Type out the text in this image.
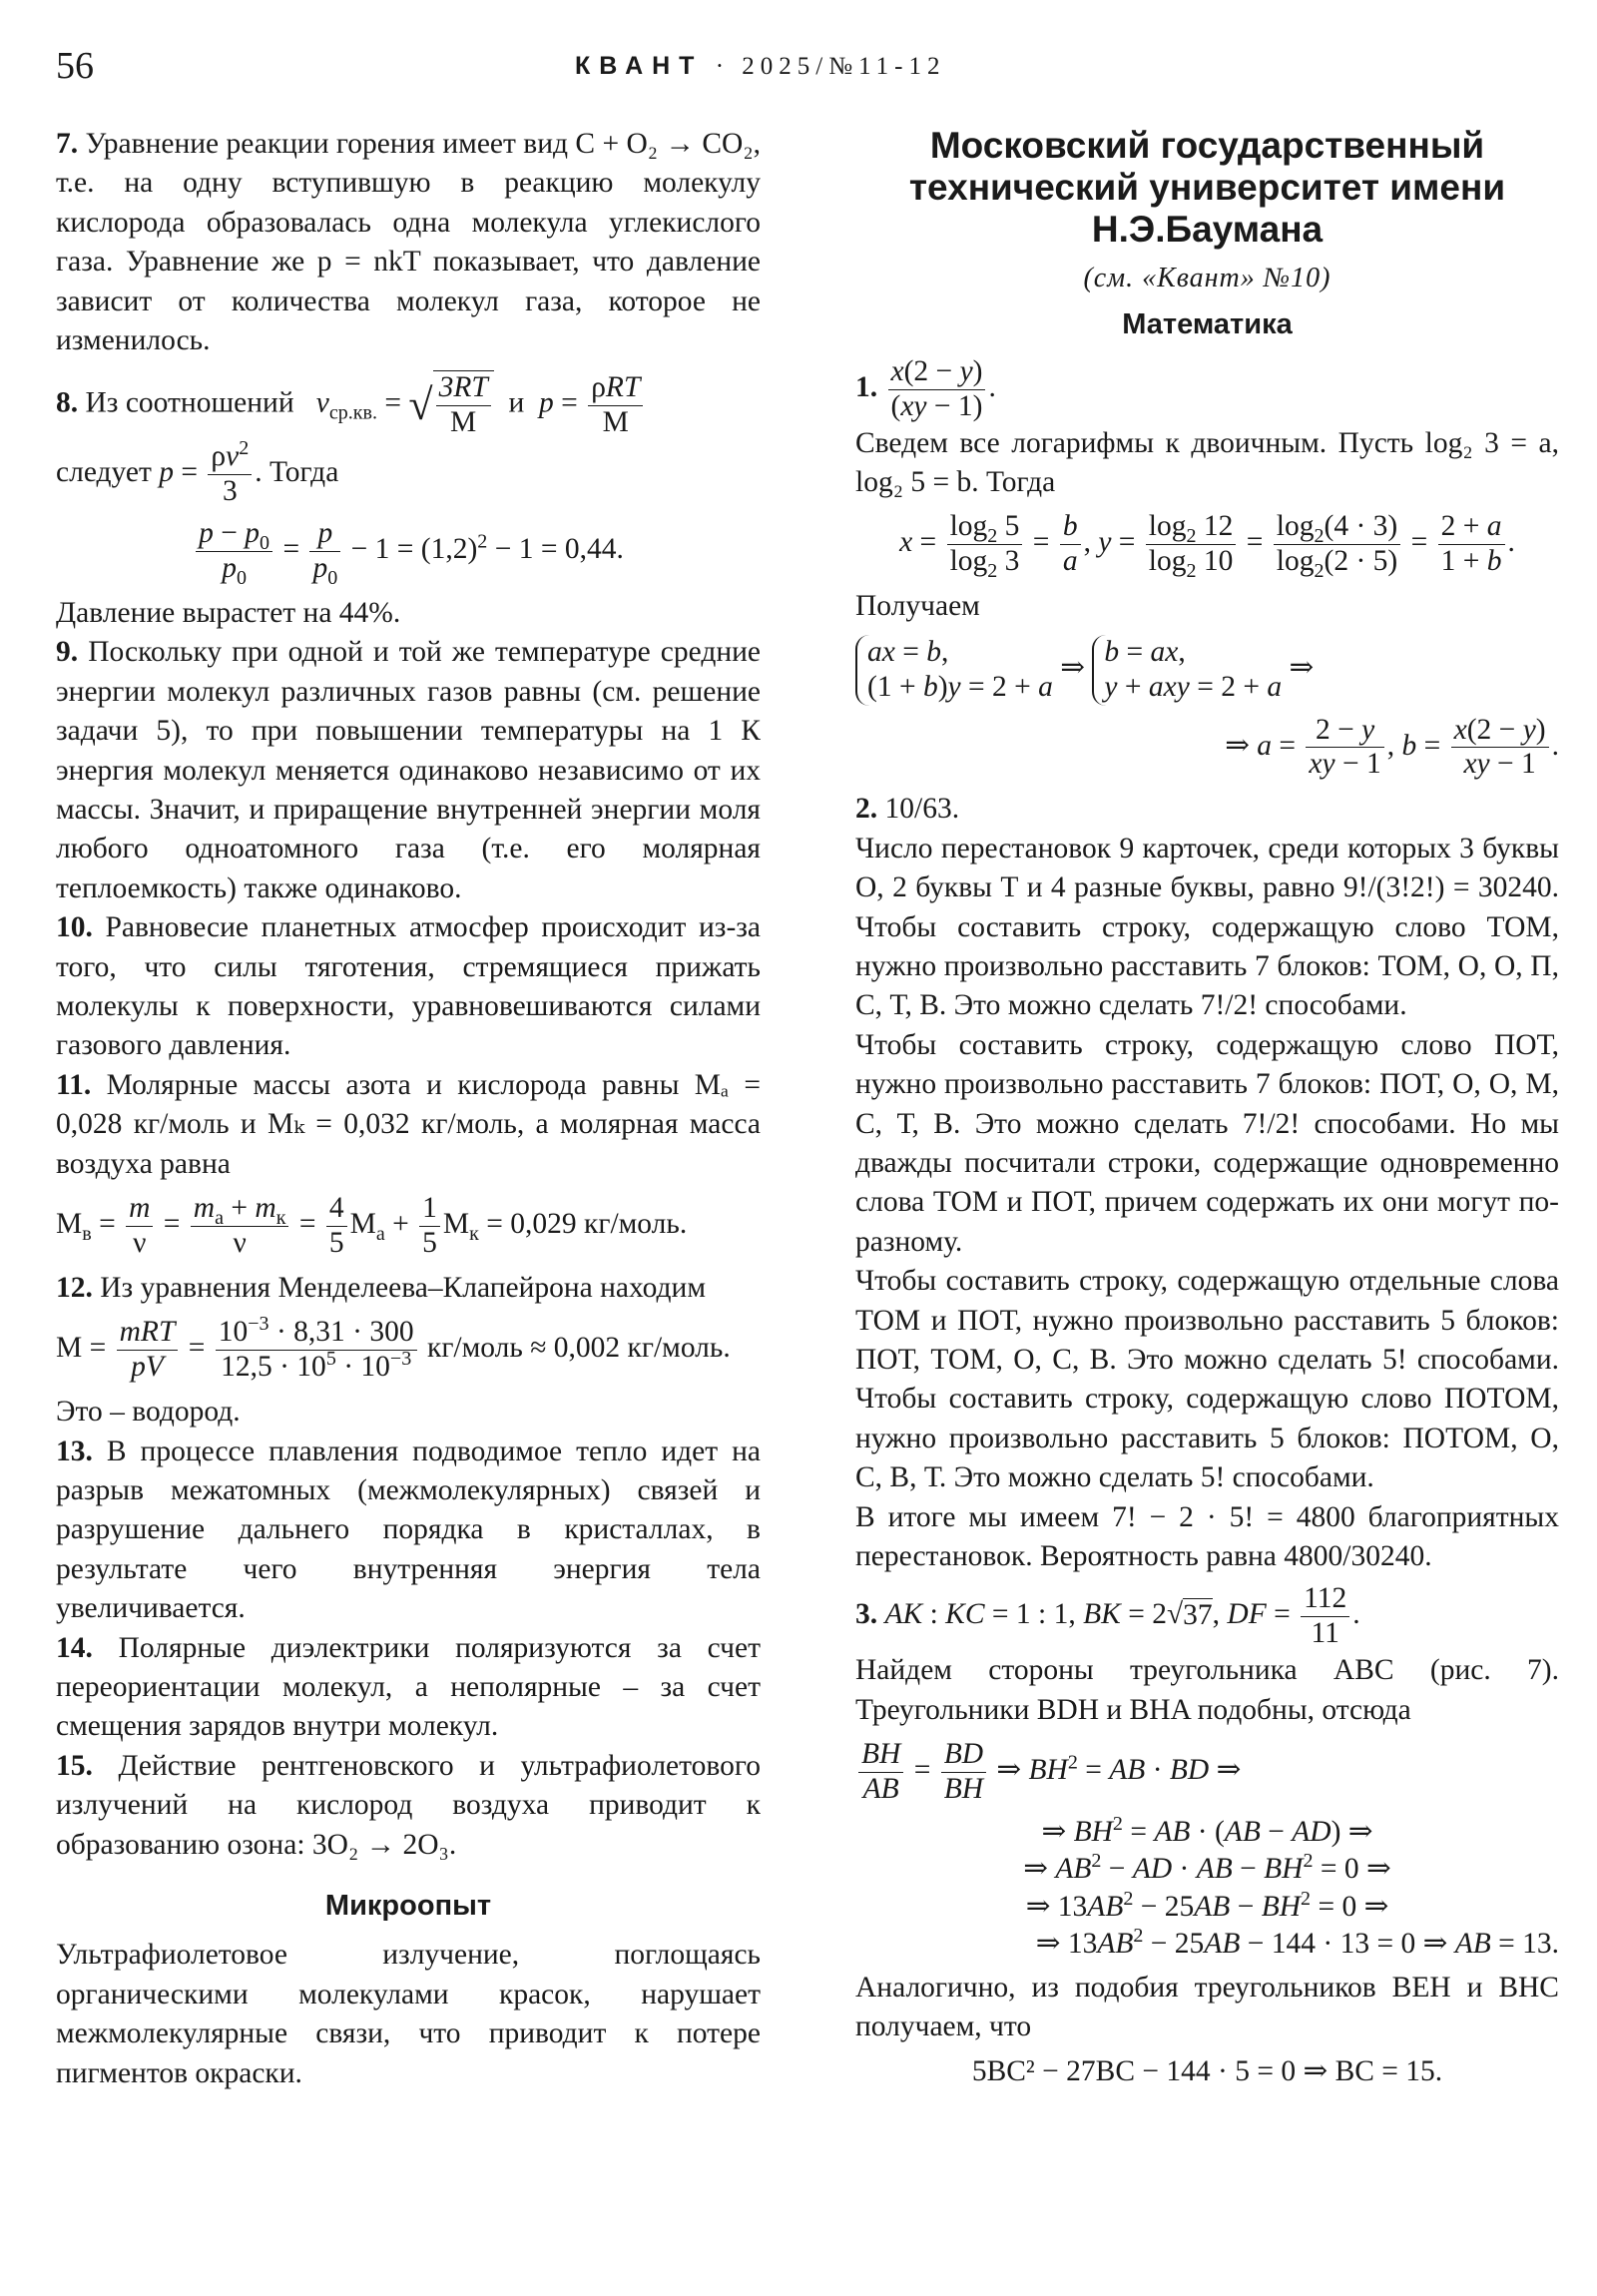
56	КВАНТ · 2025/№11-12

7. Уравнение реакции горения имеет вид C + O₂ → CO₂, т.е. на одну вступившую в реакцию молекулу кислорода образовалась одна молекула углекислого газа. Уравнение же p = nkT показывает, что давление зависит от количества молекул газа, которое не изменилось.

8. Из соотношений $v_{ср.кв.}$ = √ $\frac{3RT}{M}$ и p =
ρRT
M

следует $p = \frac{\rho v^2}{3}$ . Тогда

$\frac{p - p_0}{p_0} = \frac{p}{p_0} - 1 = (1,2)^2 - 1 = 0,44$.

Давление вырастет на 44%.

9. Поскольку при одной и той же температуре средние энергии молекул различных газов равны (см. решение задачи 5), то при повышении температуры на 1 К энергия молекул меняется одинаково независимо от их массы. Значит, и приращение внутренней энергии моля любого одноатомного газа (т.е. его молярная теплоемкость) также одинаково.

10. Равновесие планетных атмосфер происходит из-за того, что силы тяготения, стремящиеся прижать молекулы к поверхности, уравновешиваются силами газового давления.

11. Молярные массы азота и кислорода равны Mₐ = 0,028 кг/моль и Mₖ = 0,032 кг/моль, а молярная масса воздуха равна

$M_в = \frac{m}{\nu}$ =
$m_а + m_к$
ν
= $\frac{4}{5} M_а + \frac{1}{5} M_к = 0,029$ кг/моль.

12. Из уравнения Менделеева–Клапейрона находим

M =
mRT
pV
= $\frac{10^{-3} \cdot 8,31 \cdot 300}{12,5 \cdot 10^5 \cdot 10^{-3}}$ кг/моль ≈ 0,002 кг/моль.

Это – водород.

13. В процессе плавления подводимое тепло идет на разрыв межатомных (межмолекулярных) связей и разрушение дальнего порядка в кристаллах, в результате чего внутренняя энергия тела увеличивается.

14. Полярные диэлектрики поляризуются за счет переориентации молекул, а неполярные – за счет смещения зарядов внутри молекул.

15. Действие рентгеновского и ультрафиолетового излучений на кислород воздуха приводит к образованию озона: 3O₂ → 2O₃.

Микроопыт

Ультрафиолетовое излучение, поглощаясь органическими молекулами красок, нарушает межмолекулярные связи, что приводит к потере пигментов окраски.

Московский государственный технический университет имени Н.Э.Баумана
(см. «Квант» №10)
Математика

1. $\frac{x(2 - y)}{(xy - 1)}$ .

Сведем все логарифмы к двоичным. Пусть log₂ 3 = a, log₂ 5 = b. Тогда

$x = \frac{\log_2 5}{\log_2 3} = \frac{b}{a}$ , $y = \frac{\log_2 12}{\log_2 10} = \frac{\log_2(4 \cdot 3)}{\log_2(2 \cdot 5)} = \frac{2 + a}{1 + b}$ .

Получаем

ax = b,
(1 + b)y = 2 + a
⇒
b = ax,
y + axy = 2 + a
⇒
⇒ $a = \frac{2 - y}{xy - 1}$ , $b = \frac{x(2 - y)}{xy - 1}$ .

2. 10/63.

Число перестановок 9 карточек, среди которых 3 буквы О, 2 буквы Т и 4 разные буквы, равно 9!/(3!2!) = 30240. Чтобы составить строку, содержащую слово ТОМ, нужно произвольно расставить 7 блоков: ТОМ, О, О, П, С, Т, В. Это можно сделать 7!/2! способами.

Чтобы составить строку, содержащую слово ПОТ, нужно произвольно расставить 7 блоков: ПОТ, О, О, М, С, Т, В. Это можно сделать 7!/2! способами. Но мы дважды посчитали строки, содержащие одновременно слова ТОМ и ПОТ, причем содержать их они могут по-разному.

Чтобы составить строку, содержащую отдельные слова ТОМ и ПОТ, нужно произвольно расставить 5 блоков: ПОТ, ТОМ, О, С, В. Это можно сделать 5! способами. Чтобы составить строку, содержащую слово ПОТОМ, нужно произвольно расставить 5 блоков: ПОТОМ, О, С, В, Т. Это можно сделать 5! способами.

В итоге мы имеем 7! − 2 · 5! = 4800 благоприятных перестановок. Вероятность равна 4800/30240.

3. AK : KC = 1 : 1, BK = 2√37, DF = $\frac{112}{11}$ .

Найдем стороны треугольника ABC (рис. 7). Треугольники BDH и BHA подобны, отсюда

$\frac{BH}{AB} = \frac{BD}{BH}$ ⇒ $BH^2$ = AB · BD ⇒
⇒ $BH^2$ = AB · (AB − AD) ⇒
⇒ $AB^2$ − AD · AB − $BH^2 = 0$ ⇒
⇒ $13AB^2 - 25AB - BH^2 = 0$ ⇒
⇒ $13AB^2 - 25AB - 144 \cdot 13 = 0$ ⇒ AB = 13.

Аналогично, из подобия треугольников BEH и BHC получаем, что

5BC² − 27BC − 144 · 5 = 0 ⇒ BC = 15.
